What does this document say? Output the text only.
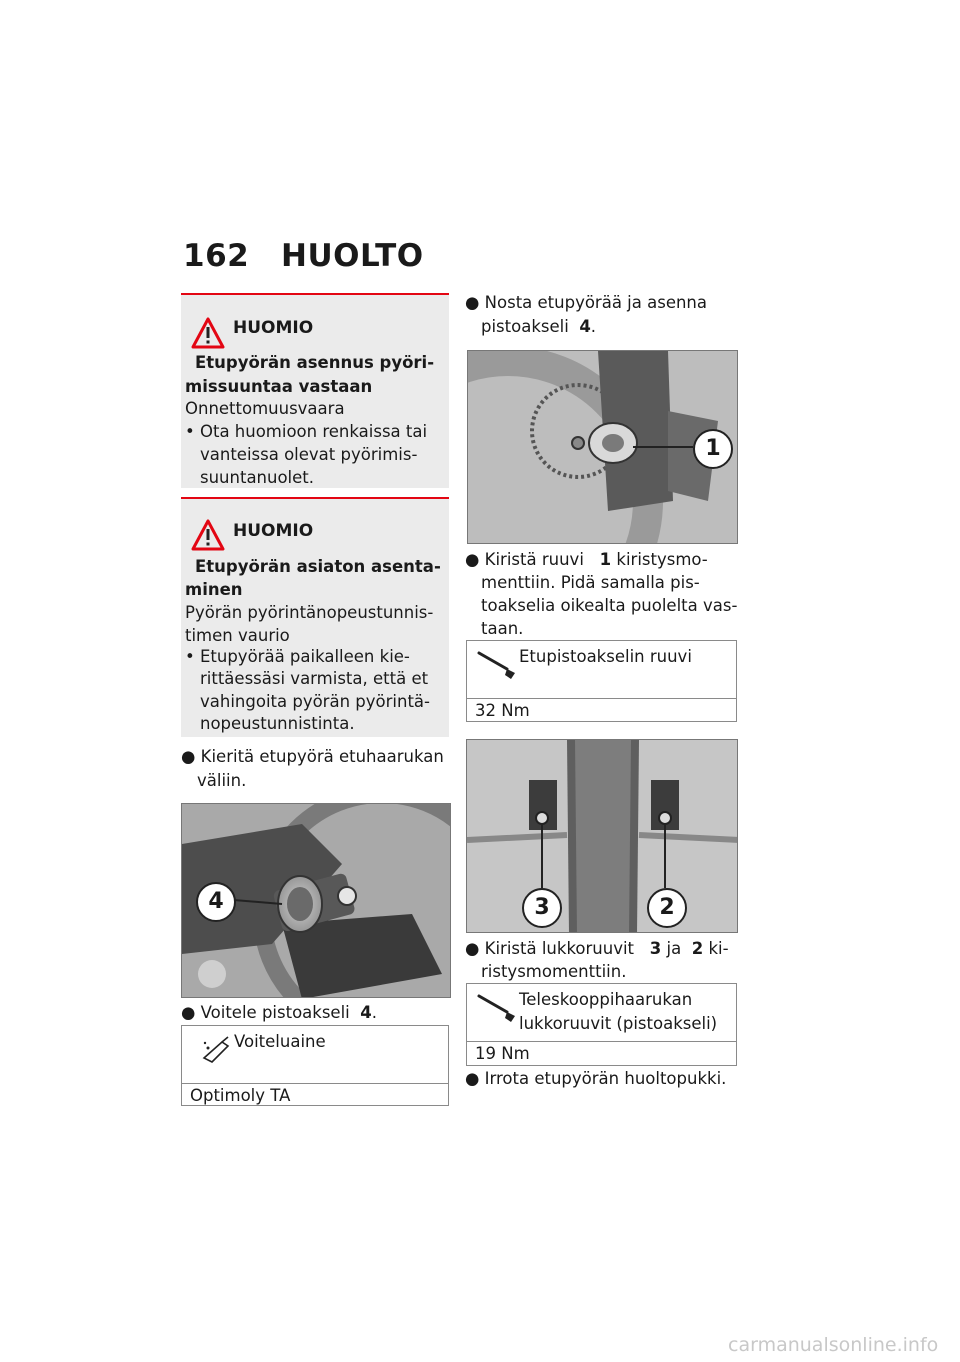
162 HUOLTO
HUOMIO
Etupyörän asennus pyöri-
missuuntaa vastaan
Onnettomuusvaara
• Ota huomioon renkaissa tai
vanteissa olevat pyörimis-
suuntanuolet.
HUOMIO
Etupyörän asiaton asenta-
minen
Pyörän pyörintänopeustunnis-
timen vaurio
• Etupyörää paikalleen kie-
rittäessäsi varmista, että et
vahingoita pyörän pyörintä-
nopeustunnistinta.
● Kieritä etupyörä etuhaarukan
väliin.
4
● Voitele pistoakseli 4.
Voiteluaine
Optimoly TA
● Nosta etupyörää ja asenna
pistoakseli 4.
1
● Kiristä ruuvi 1 kiristysmo-
menttiin. Pidä samalla pis-
toakselia oikealta puolelta vas-
taan.
Etupistoakselin ruuvi
32 Nm
3	2
● Kiristä lukkoruuvit 3 ja 2 ki-
ristysmomenttiin.
Teleskooppihaarukan
lukkoruuvit (pistoakseli)
19 Nm
● Irrota etupyörän huoltopukki.
carmanualsonline.info
